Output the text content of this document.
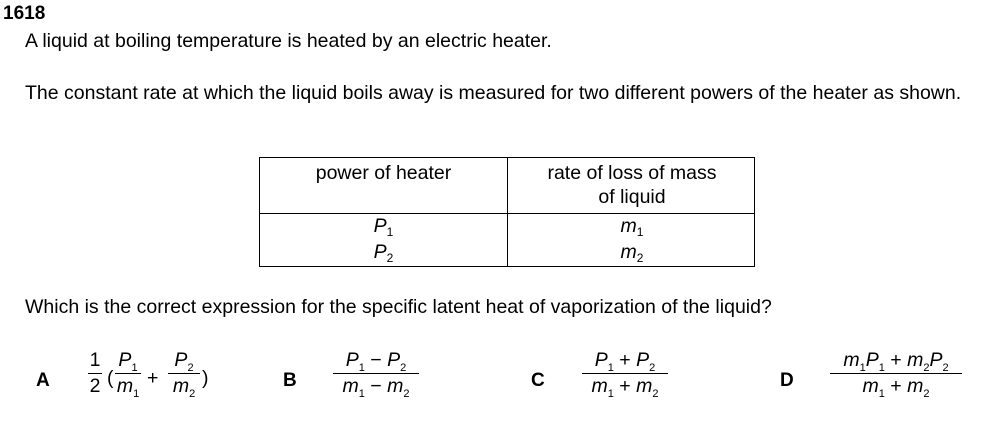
1618
A liquid at boiling temperature is heated by an electric heater.
The constant rate at which the liquid boils away is measured for two different powers of the heater as shown.
power of heater	rate of loss of mass
of liquid
$P_1$
$P_2$
$m_1$
$m_2$
Which is the correct expression for the specific latent heat of vaporization of the liquid?
A
1
2 (
$P_1$
$m_1$
+
$P_2$
$m_2$
)	B
$P_1 - P_2$
$m_1 - m_2$
C
$P_1 + P_2$
$m_1 + m_2$
D
$m_1P_1 + m_2P_2$
$m_1 + m_2$
